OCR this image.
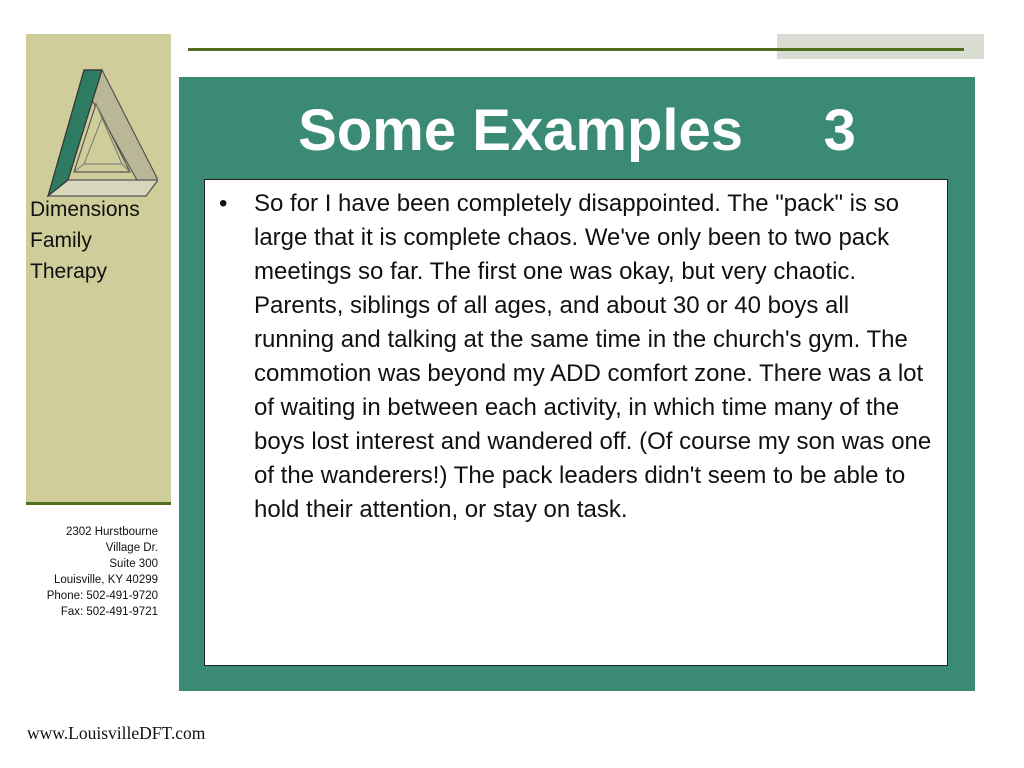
Dimensions
Family
Therapy

Some Examples     3
• So for I have been completely disappointed. The "pack" is so large that it is complete chaos. We've only been to two pack meetings so far. The first one was okay, but very chaotic. Parents, siblings of all ages, and about 30 or 40 boys all running and talking at the same time in the church's gym. The commotion was beyond my ADD comfort zone. There was a lot of waiting in between each activity, in which time many of the boys lost interest and wandered off. (Of course my son was one of the wanderers!) The pack leaders didn't seem to be able to hold their attention, or stay on task.
2302 Hurstbourne
Village Dr.
Suite 300
Louisville, KY 40299
Phone: 502-491-9720
Fax: 502-491-9721
www.LouisvilleDFT.com
